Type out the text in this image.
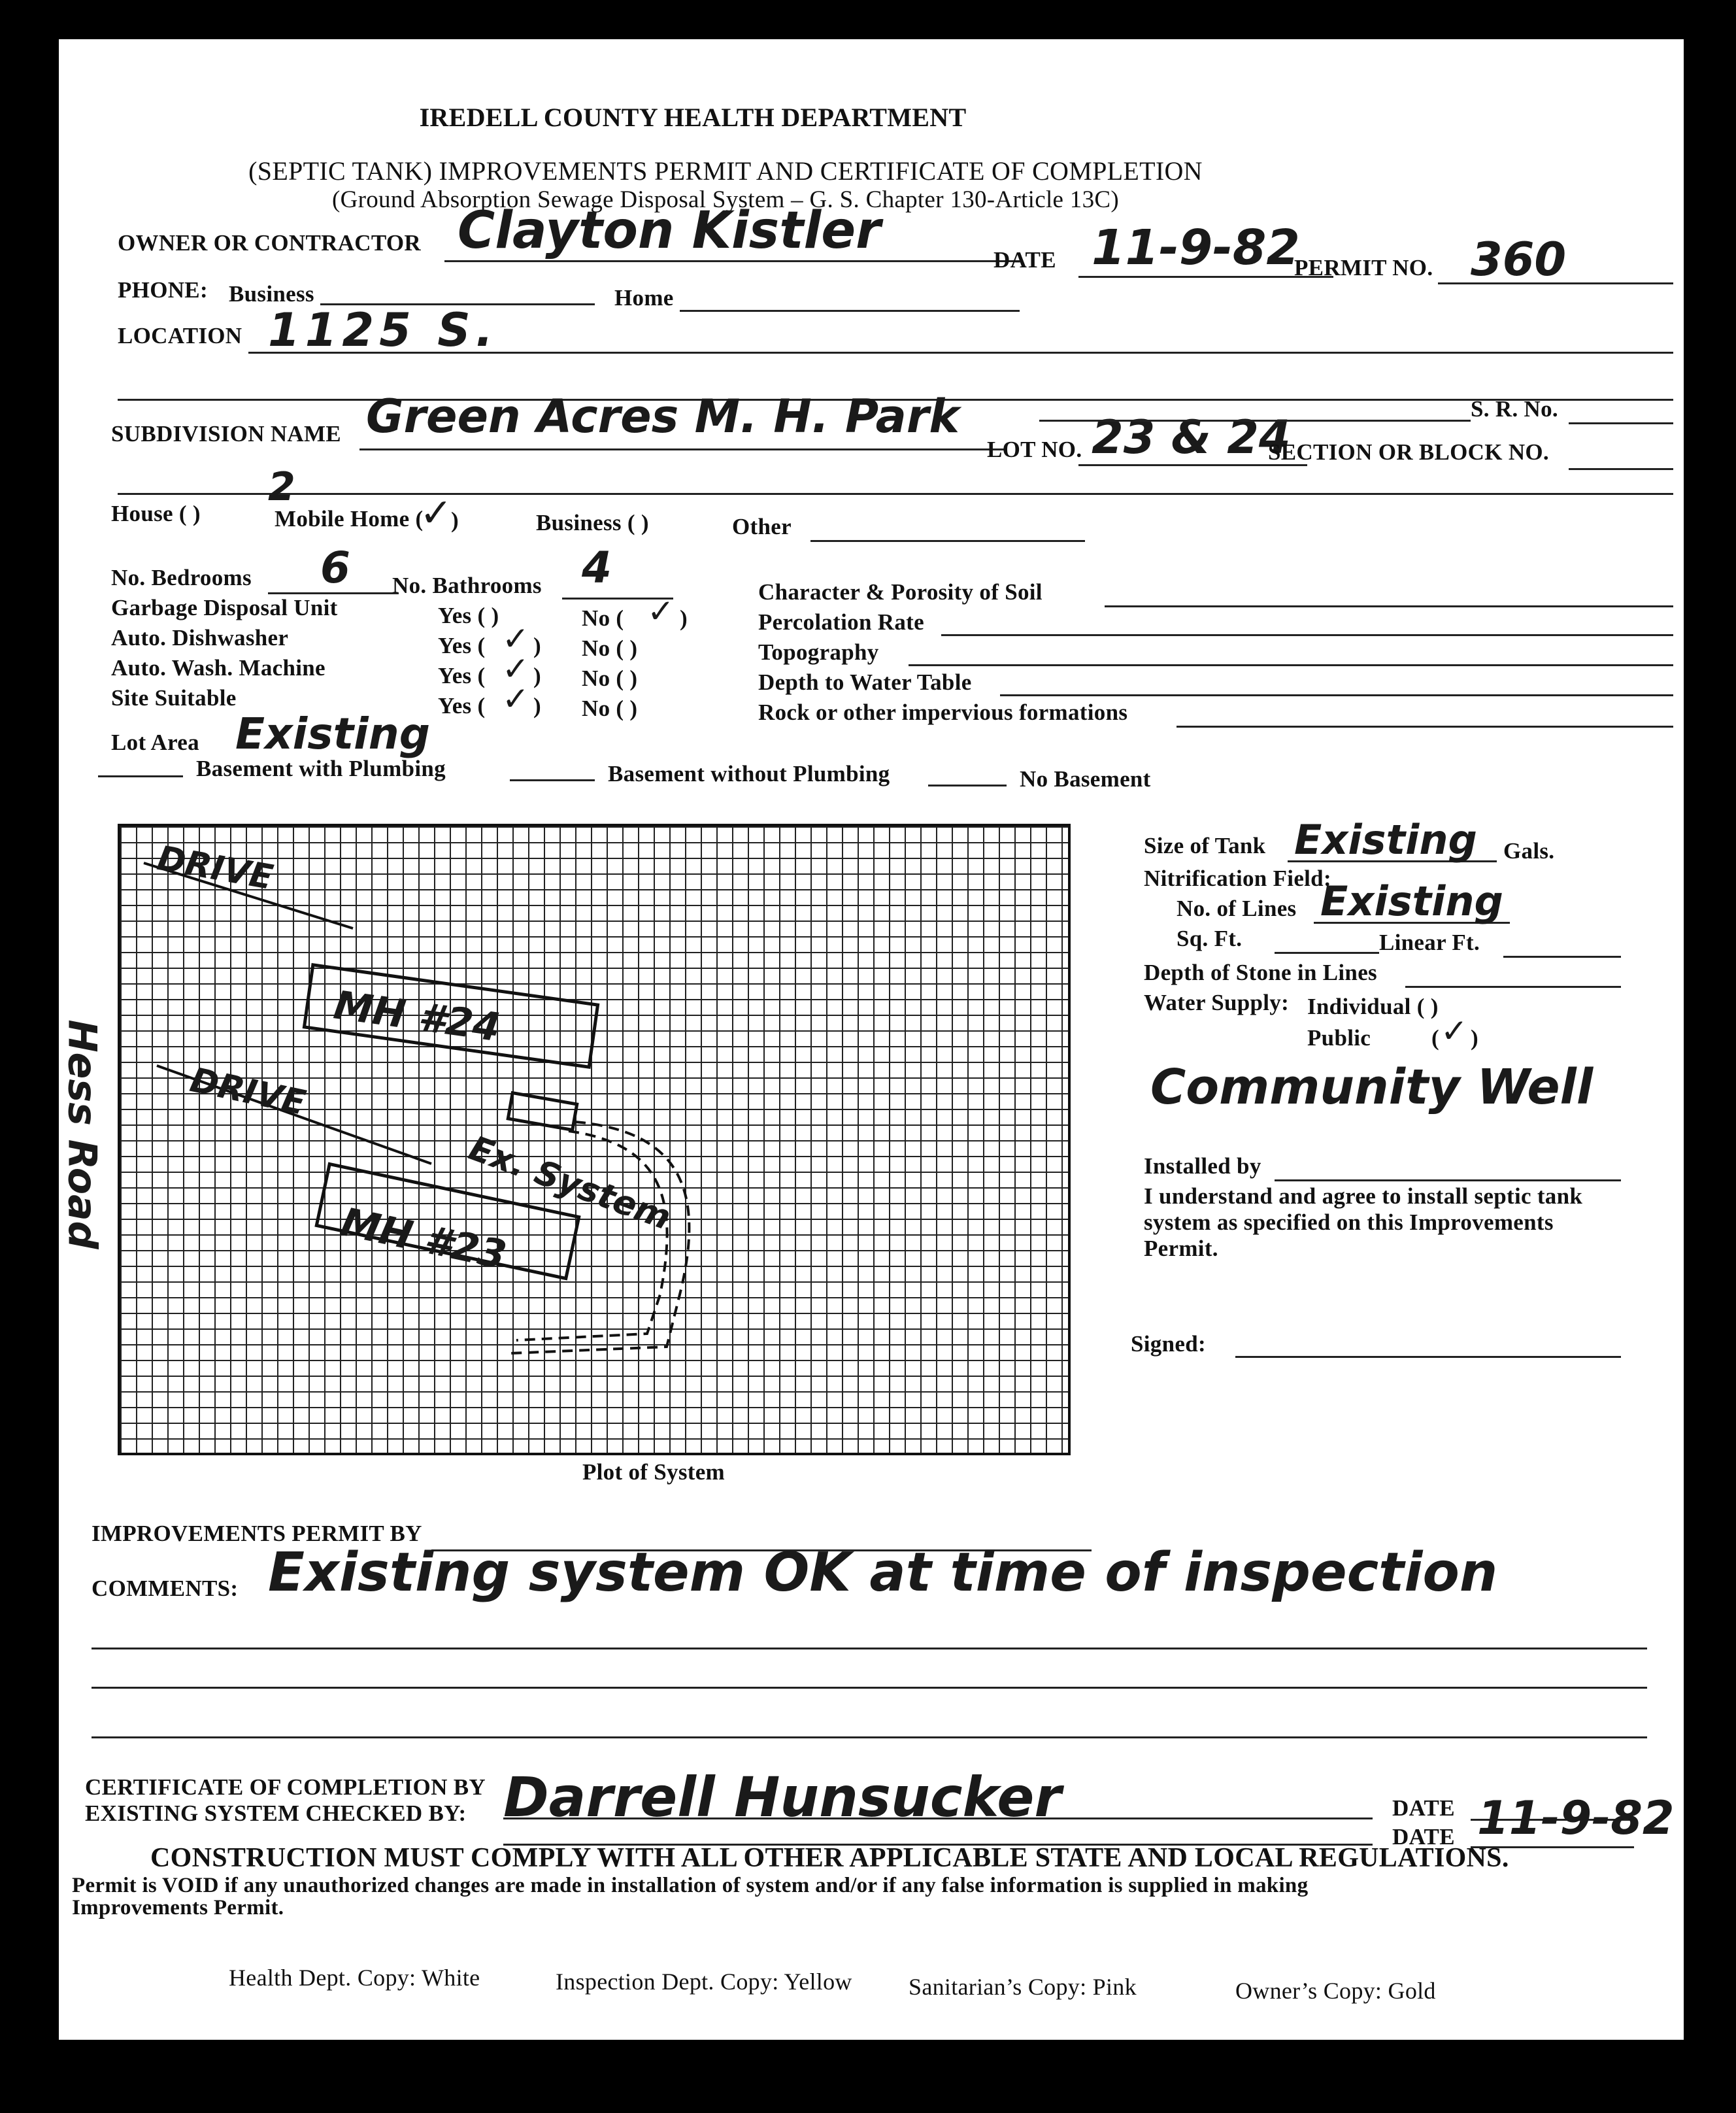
IREDELL COUNTY HEALTH DEPARTMENT
(SEPTIC TANK) IMPROVEMENTS PERMIT AND CERTIFICATE OF COMPLETION
(Ground Absorption Sewage Disposal System – G. S. Chapter 130-Article 13C)
OWNER OR CONTRACTOR Clayton Kistler	DATE 11-9-82
PERMIT NO. 360
PHONE: Business	Home
LOCATION 1125 S.
SUBDIVISION NAME Green Acres M. H. Park
LOT NO. 23 & 24
SECTION OR BLOCK NO.
S. R. No.
House ( )
2
Mobile Home (
✓
)	Business ( )	Other
No. Bedrooms 6 No. Bathrooms 4
Garbage Disposal Unit	Yes ( )	No ( ✓ )
Auto. Dishwasher	Yes ( ✓ ) No ( )
Auto. Wash. Machine	Yes ( ✓ ) No ( )
Site Suitable	Yes ( ✓ ) No ( )
Character & Porosity of Soil
Percolation Rate
Topography
Depth to Water Table
Rock or other impervious formations
Lot Area Existing
Basement with Plumbing	Basement without Plumbing	No Basement
DRIVE
MH #24
DRIVE
Ex. System
MH #23
Hess Road
Plot of System
Size of Tank Existing Gals.
Nitrification Field:
No. of Lines Existing
Sq. Ft.	Linear Ft.
Depth of Stone in Lines
Water Supply: Individual ( )
Public	( ✓ )
Community Well
Installed by
I understand and agree to install septic tank
system as specified on this Improvements
Permit.
Signed:
IMPROVEMENTS PERMIT BY
COMMENTS: Existing system OK at time of inspection
CERTIFICATE OF COMPLETION BY
EXISTING SYSTEM CHECKED BY: Darrell Hunsucker	DATE
DATE 11-9-82
CONSTRUCTION MUST COMPLY WITH ALL OTHER APPLICABLE STATE AND LOCAL REGULATIONS.
Permit is VOID if any unauthorized changes are made in installation of system and/or if any false information is supplied in making
Improvements Permit.
Health Dept. Copy: White	Inspection Dept. Copy: Yellow Sanitarian’s Copy: Pink	Owner’s Copy: Gold
